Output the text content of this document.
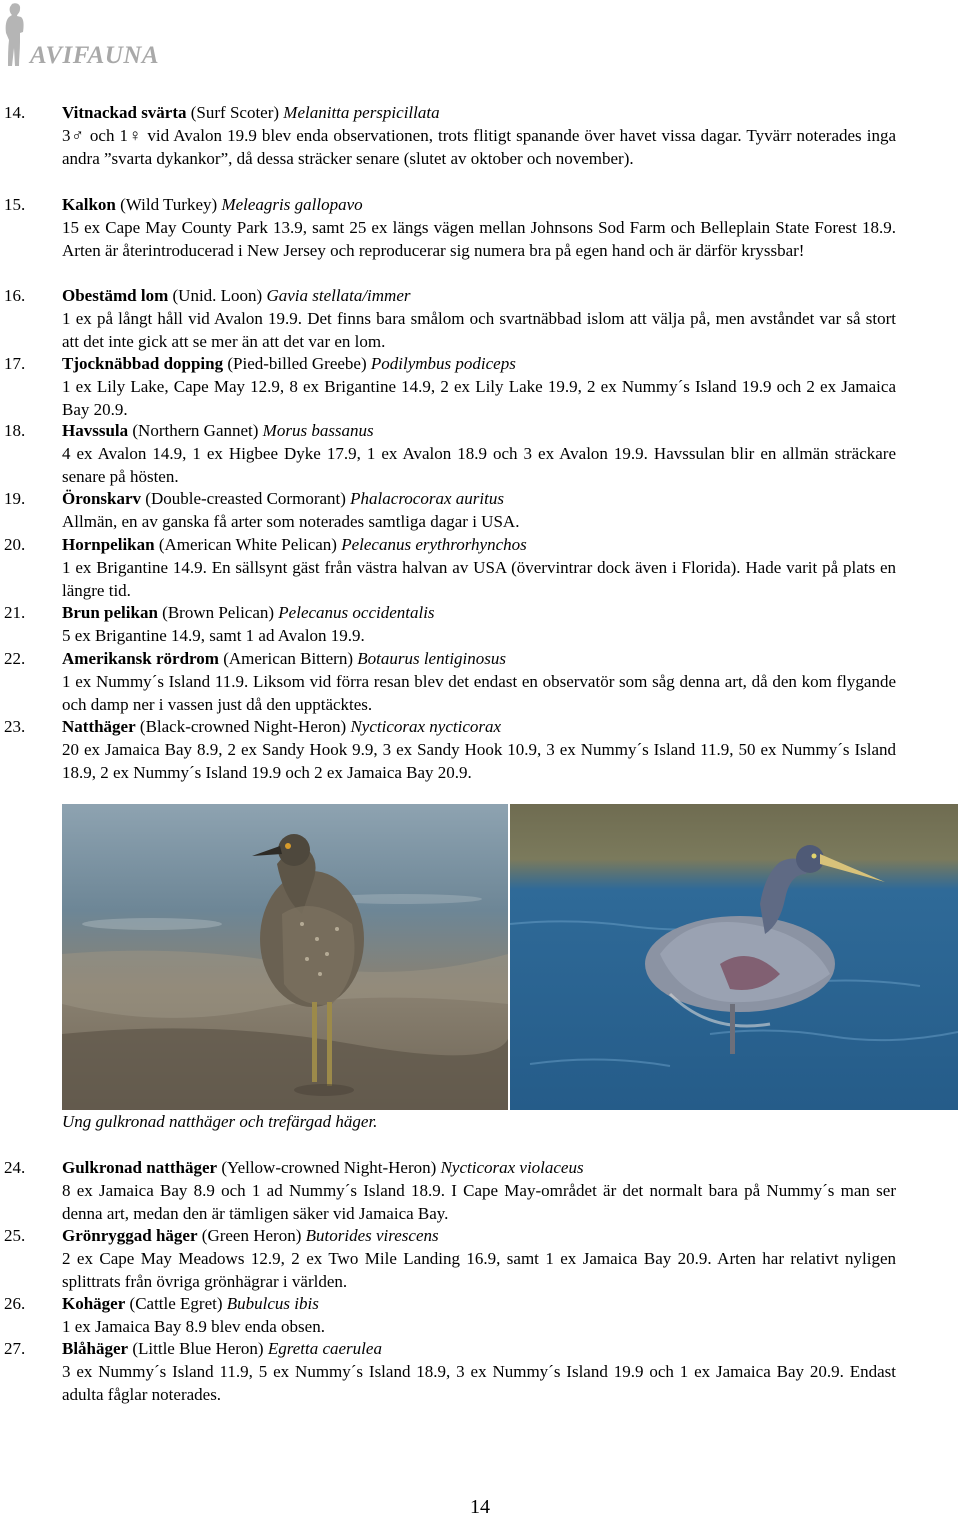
AVIFAUNA
14. Vitnackad svärta (Surf Scoter) Melanitta perspicillata
3♂ och 1♀ vid Avalon 19.9 blev enda observationen, trots flitigt spanande över havet vissa dagar. Tyvärr noterades inga andra ”svarta dykankor”, då dessa sträcker senare (slutet av oktober och november).
15. Kalkon (Wild Turkey) Meleagris gallopavo
15 ex Cape May County Park 13.9, samt 25 ex längs vägen mellan Johnsons Sod Farm och Belleplain State Forest 18.9. Arten är återintroducerad i New Jersey och reproducerar sig numera bra på egen hand och är därför kryssbar!
16. Obestämd lom (Unid. Loon) Gavia stellata/immer
1 ex på långt håll vid Avalon 19.9. Det finns bara smålom och svartnäbbad islom att välja på, men avståndet var så stort att det inte gick att se mer än att det var en lom.
17. Tjocknäbbad dopping (Pied-billed Greebe) Podilymbus podiceps
1 ex Lily Lake, Cape May 12.9, 8 ex Brigantine 14.9, 2 ex Lily Lake 19.9, 2 ex Nummy´s Island 19.9 och 2 ex Jamaica Bay 20.9.
18. Havssula (Northern Gannet) Morus bassanus
4 ex Avalon 14.9, 1 ex Higbee Dyke 17.9, 1 ex Avalon 18.9 och 3 ex Avalon 19.9. Havssulan blir en allmän sträckare senare på hösten.
19. Öronskarv (Double-creasted Cormorant) Phalacrocorax auritus
Allmän, en av ganska få arter som noterades samtliga dagar i USA.
20. Hornpelikan (American White Pelican) Pelecanus erythrorhynchos
1 ex Brigantine 14.9. En sällsynt gäst från västra halvan av USA (övervintrar dock även i Florida). Hade varit på plats en längre tid.
21. Brun pelikan (Brown Pelican) Pelecanus occidentalis
5 ex Brigantine 14.9, samt 1 ad Avalon 19.9.
22. Amerikansk rördrom (American Bittern) Botaurus lentiginosus
1 ex Nummy´s Island 11.9. Liksom vid förra resan blev det endast en observatör som såg denna art, då den kom flygande och damp ner i vassen just då den upptäcktes.
23. Natthäger (Black-crowned Night-Heron) Nycticorax nycticorax
20 ex Jamaica Bay 8.9, 2 ex Sandy Hook 9.9, 3 ex Sandy Hook 10.9, 3 ex Nummy´s Island 11.9, 50 ex Nummy´s Island 18.9, 2 ex Nummy´s Island 19.9 och 2 ex Jamaica Bay 20.9.
Ung gulkronad natthäger och trefärgad häger.
24. Gulkronad natthäger (Yellow-crowned Night-Heron) Nycticorax violaceus
8 ex Jamaica Bay 8.9 och 1 ad Nummy´s Island 18.9. I Cape May-området är det normalt bara på Nummy´s man ser denna art, medan den är tämligen säker vid Jamaica Bay.
25. Grönryggad häger (Green Heron) Butorides virescens
2 ex Cape May Meadows 12.9, 2 ex Two Mile Landing 16.9, samt 1 ex Jamaica Bay 20.9. Arten har relativt nyligen splittrats från övriga grönhägrar i världen.
26. Kohäger (Cattle Egret) Bubulcus ibis
1 ex Jamaica Bay 8.9 blev enda obsen.
27. Blåhäger (Little Blue Heron) Egretta caerulea
3 ex Nummy´s Island 11.9, 5 ex Nummy´s Island 18.9, 3 ex Nummy´s Island 19.9 och 1 ex Jamaica Bay 20.9. Endast adulta fåglar noterades.
14
